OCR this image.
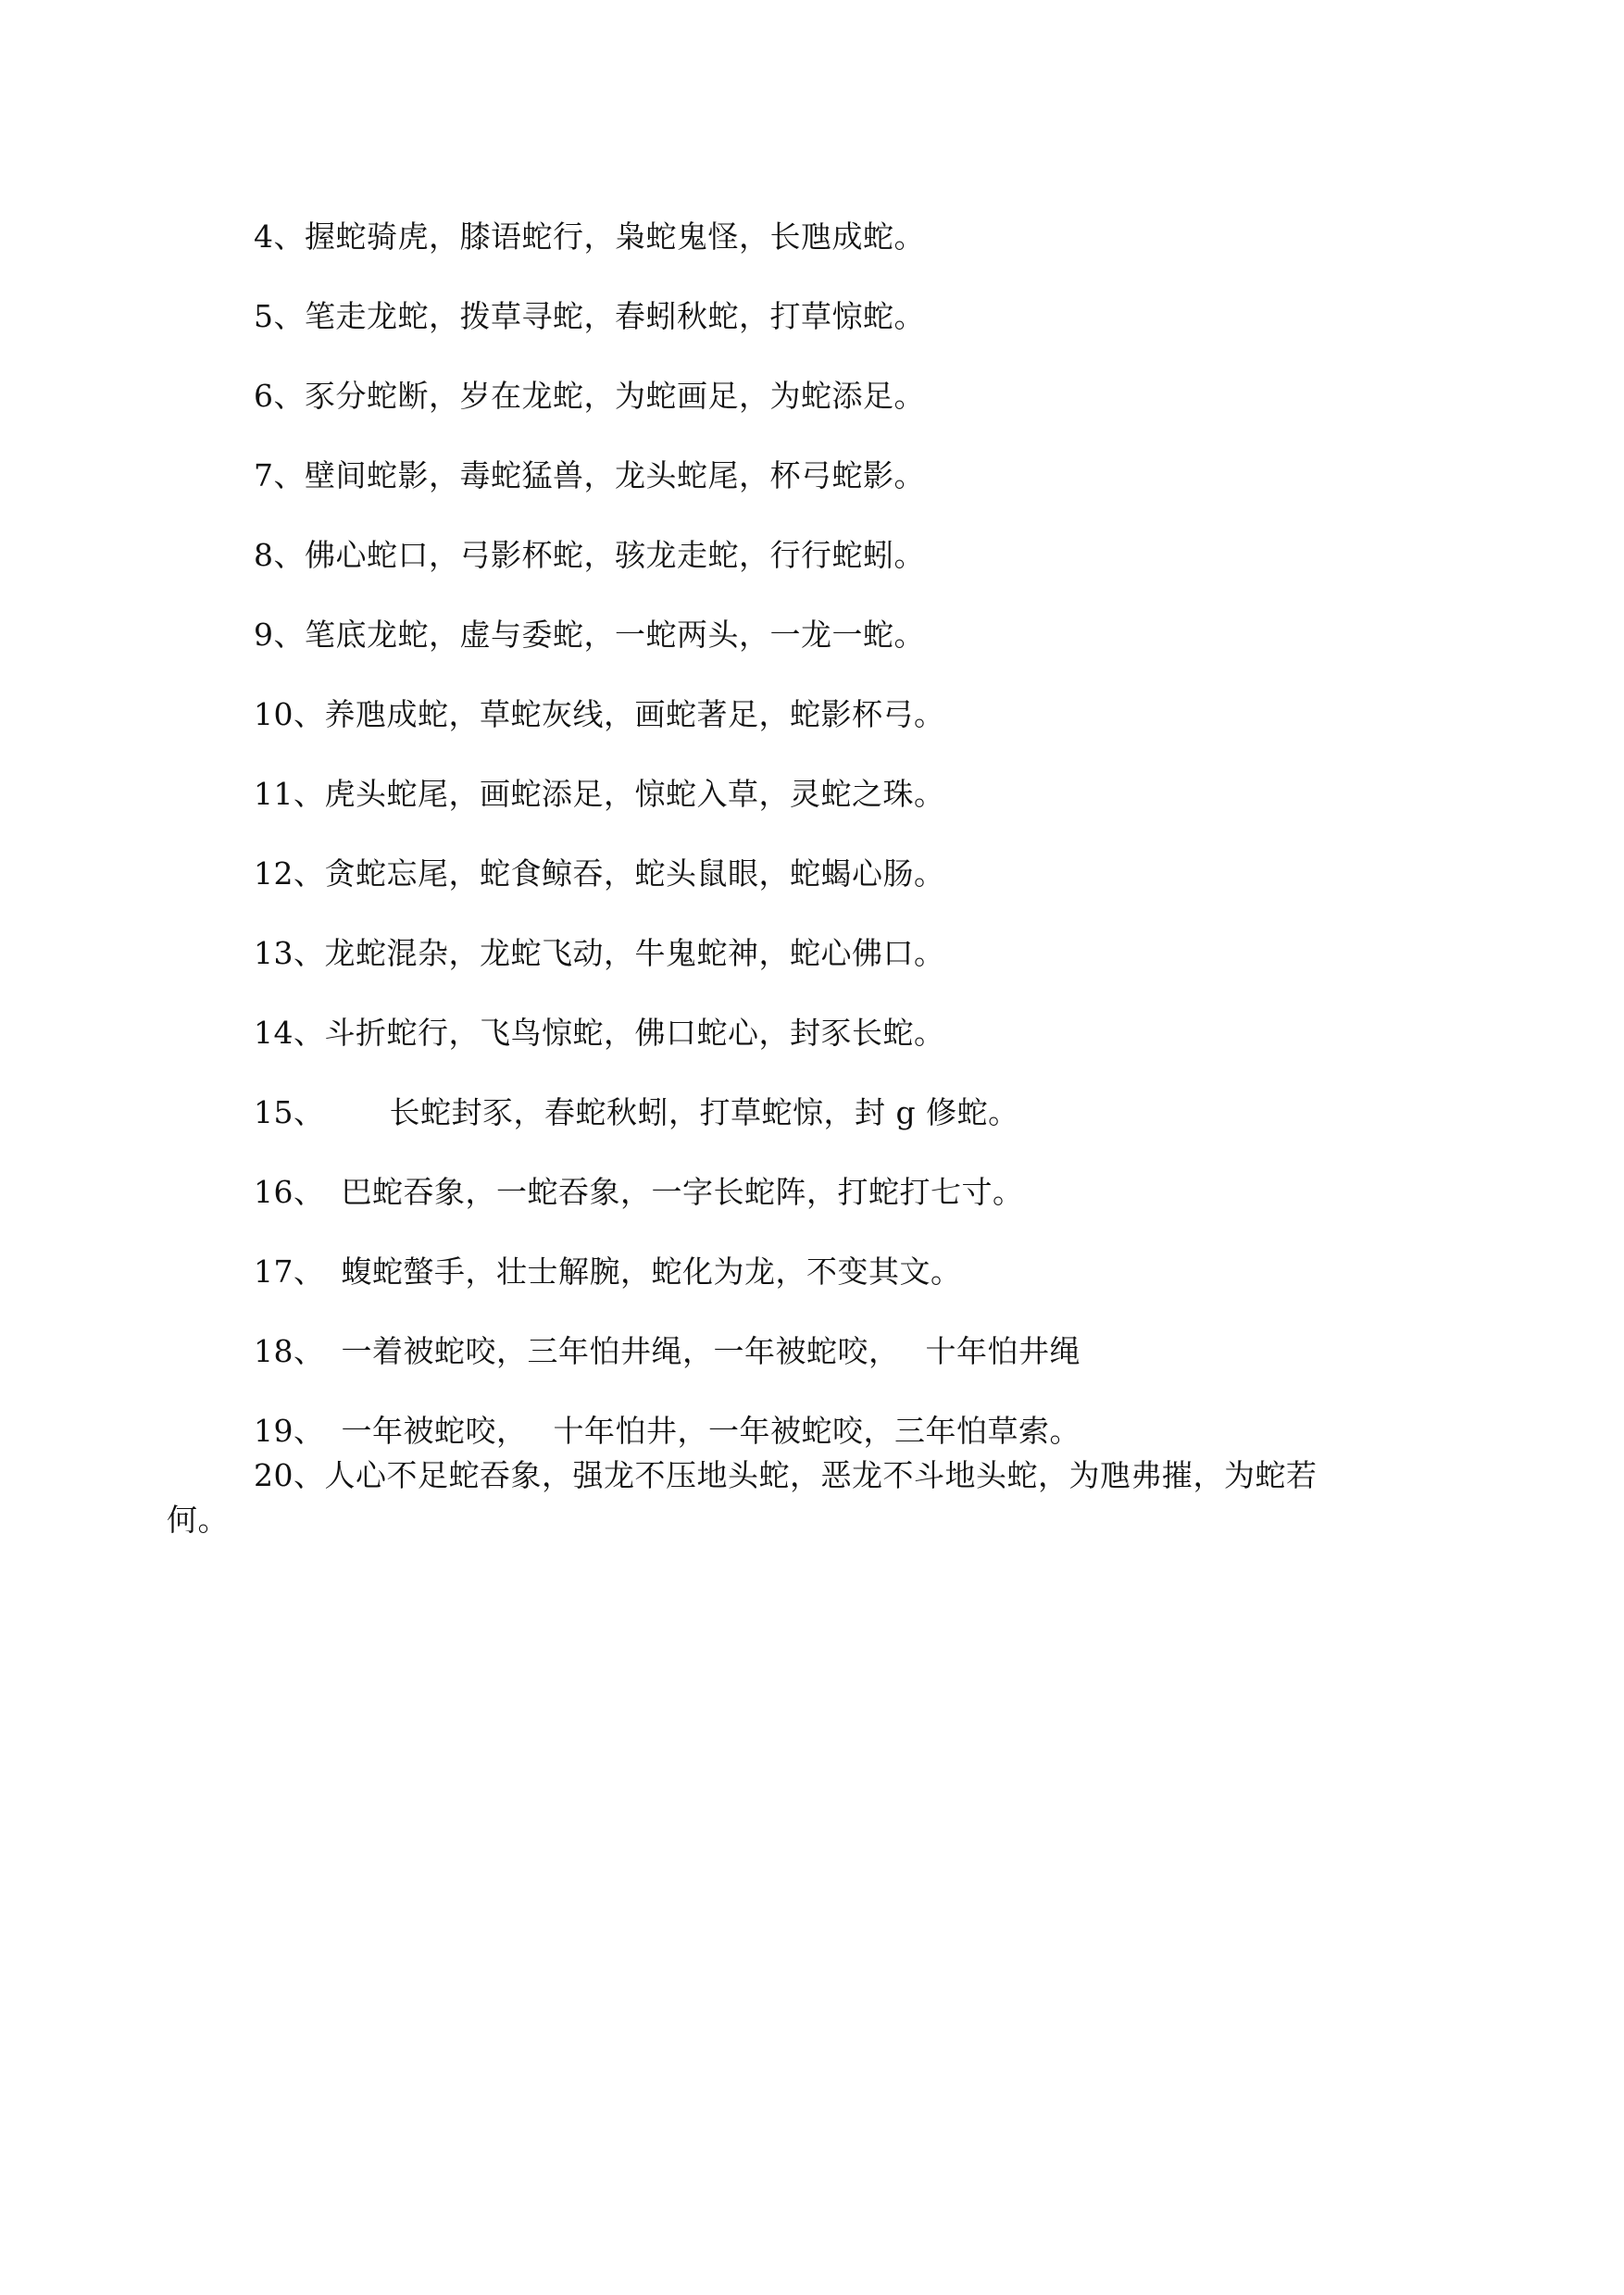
4、握蛇骑虎，膝语蛇行，枭蛇鬼怪，长虺成蛇。
5、笔走龙蛇，拨草寻蛇，春蚓秋蛇，打草惊蛇。
6、豕分蛇断，岁在龙蛇，为蛇画足，为蛇添足。
7、壁间蛇影，毒蛇猛兽，龙头蛇尾，杯弓蛇影。
8、佛心蛇口，弓影杯蛇，骇龙走蛇，行行蛇蚓。
9、笔底龙蛇，虚与委蛇，一蛇两头，一龙一蛇。
10、养虺成蛇，草蛇灰线，画蛇著足，蛇影杯弓。
11、虎头蛇尾，画蛇添足，惊蛇入草，灵蛇之珠。
12、贪蛇忘尾，蛇食鲸吞，蛇头鼠眼，蛇蝎心肠。
13、龙蛇混杂，龙蛇飞动，牛鬼蛇神，蛇心佛口。
14、斗折蛇行，飞鸟惊蛇，佛口蛇心，封豕长蛇。
15、 长蛇封豕，春蛇秋蚓，打草蛇惊，封 g 修蛇。
16、 巴蛇吞象，一蛇吞象，一字长蛇阵，打蛇打七寸。
17、 蝮蛇螫手，壮士解腕，蛇化为龙，不变其文。
18、 一着被蛇咬，三年怕井绳，一年被蛇咬， 十年怕井绳
19、 一年被蛇咬， 十年怕井，一年被蛇咬，三年怕草索。
20、人心不足蛇吞象，强龙不压地头蛇，恶龙不斗地头蛇，为虺弗摧，为蛇若
何。
